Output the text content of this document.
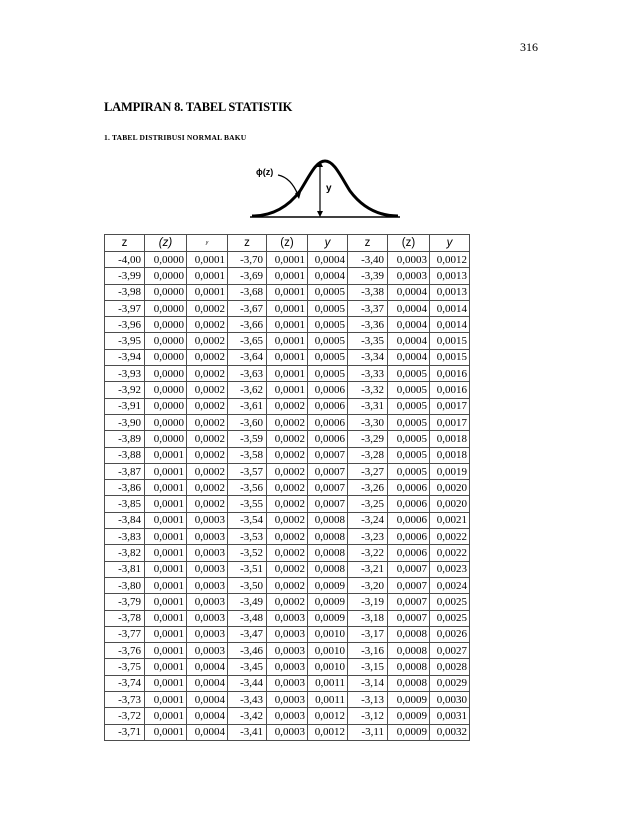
316
LAMPIRAN 8. TABEL STATISTIK
1. TABEL DISTRIBUSI NORMAL BAKU
ϕ(z)
y
z	(z)	y	z	(z)	y	z	(z)	y
-4,00	0,0000	0,0001	-3,70	0,0001	0,0004	-3,40	0,0003	0,0012
-3,99	0,0000	0,0001	-3,69	0,0001	0,0004	-3,39	0,0003	0,0013
-3,98	0,0000	0,0001	-3,68	0,0001	0,0005	-3,38	0,0004	0,0013
-3,97	0,0000	0,0002	-3,67	0,0001	0,0005	-3,37	0,0004	0,0014
-3,96	0,0000	0,0002	-3,66	0,0001	0,0005	-3,36	0,0004	0,0014
-3,95	0,0000	0,0002	-3,65	0,0001	0,0005	-3,35	0,0004	0,0015
-3,94	0,0000	0,0002	-3,64	0,0001	0,0005	-3,34	0,0004	0,0015
-3,93	0,0000	0,0002	-3,63	0,0001	0,0005	-3,33	0,0005	0,0016
-3,92	0,0000	0,0002	-3,62	0,0001	0,0006	-3,32	0,0005	0,0016
-3,91	0,0000	0,0002	-3,61	0,0002	0,0006	-3,31	0,0005	0,0017
-3,90	0,0000	0,0002	-3,60	0,0002	0,0006	-3,30	0,0005	0,0017
-3,89	0,0000	0,0002	-3,59	0,0002	0,0006	-3,29	0,0005	0,0018
-3,88	0,0001	0,0002	-3,58	0,0002	0,0007	-3,28	0,0005	0,0018
-3,87	0,0001	0,0002	-3,57	0,0002	0,0007	-3,27	0,0005	0,0019
-3,86	0,0001	0,0002	-3,56	0,0002	0,0007	-3,26	0,0006	0,0020
-3,85	0,0001	0,0002	-3,55	0,0002	0,0007	-3,25	0,0006	0,0020
-3,84	0,0001	0,0003	-3,54	0,0002	0,0008	-3,24	0,0006	0,0021
-3,83	0,0001	0,0003	-3,53	0,0002	0,0008	-3,23	0,0006	0,0022
-3,82	0,0001	0,0003	-3,52	0,0002	0,0008	-3,22	0,0006	0,0022
-3,81	0,0001	0,0003	-3,51	0,0002	0,0008	-3,21	0,0007	0,0023
-3,80	0,0001	0,0003	-3,50	0,0002	0,0009	-3,20	0,0007	0,0024
-3,79	0,0001	0,0003	-3,49	0,0002	0,0009	-3,19	0,0007	0,0025
-3,78	0,0001	0,0003	-3,48	0,0003	0,0009	-3,18	0,0007	0,0025
-3,77	0,0001	0,0003	-3,47	0,0003	0,0010	-3,17	0,0008	0,0026
-3,76	0,0001	0,0003	-3,46	0,0003	0,0010	-3,16	0,0008	0,0027
-3,75	0,0001	0,0004	-3,45	0,0003	0,0010	-3,15	0,0008	0,0028
-3,74	0,0001	0,0004	-3,44	0,0003	0,0011	-3,14	0,0008	0,0029
-3,73	0,0001	0,0004	-3,43	0,0003	0,0011	-3,13	0,0009	0,0030
-3,72	0,0001	0,0004	-3,42	0,0003	0,0012	-3,12	0,0009	0,0031
-3,71	0,0001	0,0004	-3,41	0,0003	0,0012	-3,11	0,0009	0,0032
